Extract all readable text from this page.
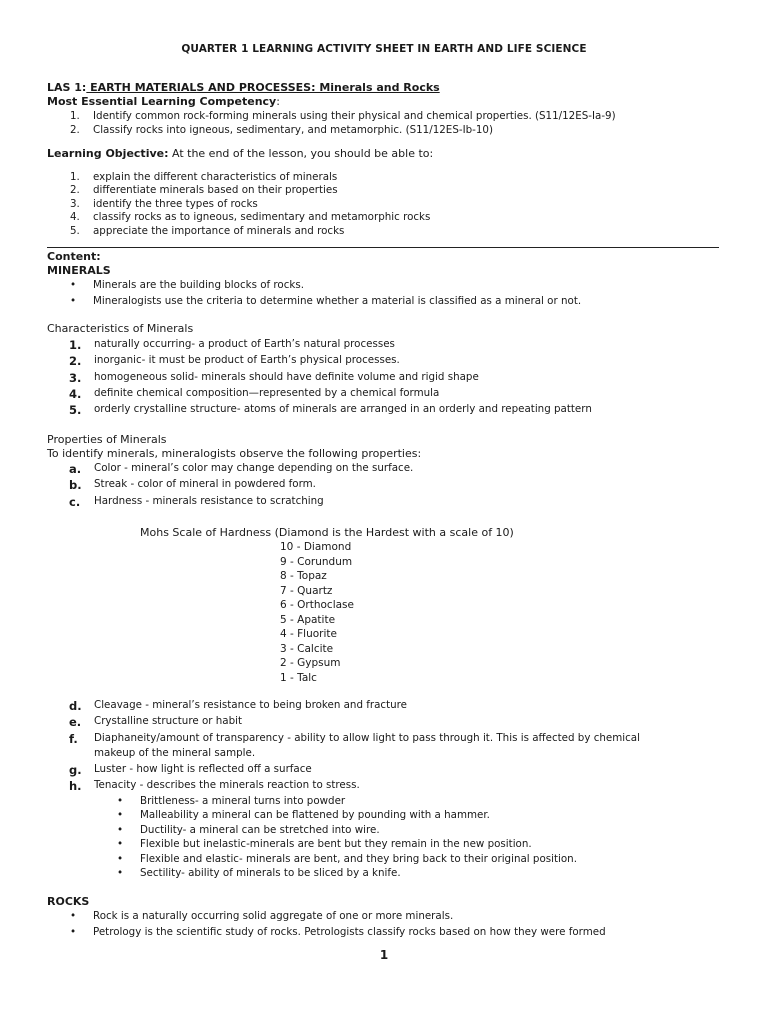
QUARTER 1 LEARNING ACTIVITY SHEET IN EARTH AND LIFE SCIENCE
LAS 1: EARTH MATERIALS AND PROCESSES: Minerals and Rocks
Most Essential Learning Competency:
1. Identify common rock-forming minerals using their physical and chemical properties. (S11/12ES-Ia-9)
2. Classify rocks into igneous, sedimentary, and metamorphic. (S11/12ES-Ib-10)
Learning Objective: At the end of the lesson, you should be able to:
1. explain the different characteristics of minerals
2. differentiate minerals based on their properties
3. identify the three types of rocks
4. classify rocks as to igneous, sedimentary and metamorphic rocks
5. appreciate the importance of minerals and rocks
Content:
MINERALS
• Minerals are the building blocks of rocks.
• Mineralogists use the criteria to determine whether a material is classified as a mineral or not.
Characteristics of Minerals
1. naturally occurring- a product of Earth’s natural processes
2. inorganic- it must be product of Earth’s physical processes.
3. homogeneous solid- minerals should have definite volume and rigid shape
4. definite chemical composition—represented by a chemical formula
5. orderly crystalline structure- atoms of minerals are arranged in an orderly and repeating pattern
Properties of Minerals
To identify minerals, mineralogists observe the following properties:
a. Color - mineral’s color may change depending on the surface.
b. Streak - color of mineral in powdered form.
c. Hardness - minerals resistance to scratching
Mohs Scale of Hardness (Diamond is the Hardest with a scale of 10)
10 - Diamond
9 - Corundum
8 - Topaz
7 - Quartz
6 - Orthoclase
5 - Apatite
4 - Fluorite
3 - Calcite
2 - Gypsum
1 - Talc
d. Cleavage - mineral’s resistance to being broken and fracture
e. Crystalline structure or habit
f. Diaphaneity/amount of transparency - ability to allow light to pass through it. This is affected by chemical
makeup of the mineral sample.
g. Luster - how light is reflected off a surface
h. Tenacity - describes the minerals reaction to stress.
• Brittleness- a mineral turns into powder
• Malleability a mineral can be flattened by pounding with a hammer.
• Ductility- a mineral can be stretched into wire.
• Flexible but inelastic-minerals are bent but they remain in the new position.
• Flexible and elastic- minerals are bent, and they bring back to their original position.
• Sectility- ability of minerals to be sliced by a knife.
ROCKS
• Rock is a naturally occurring solid aggregate of one or more minerals.
• Petrology is the scientific study of rocks. Petrologists classify rocks based on how they were formed
1
